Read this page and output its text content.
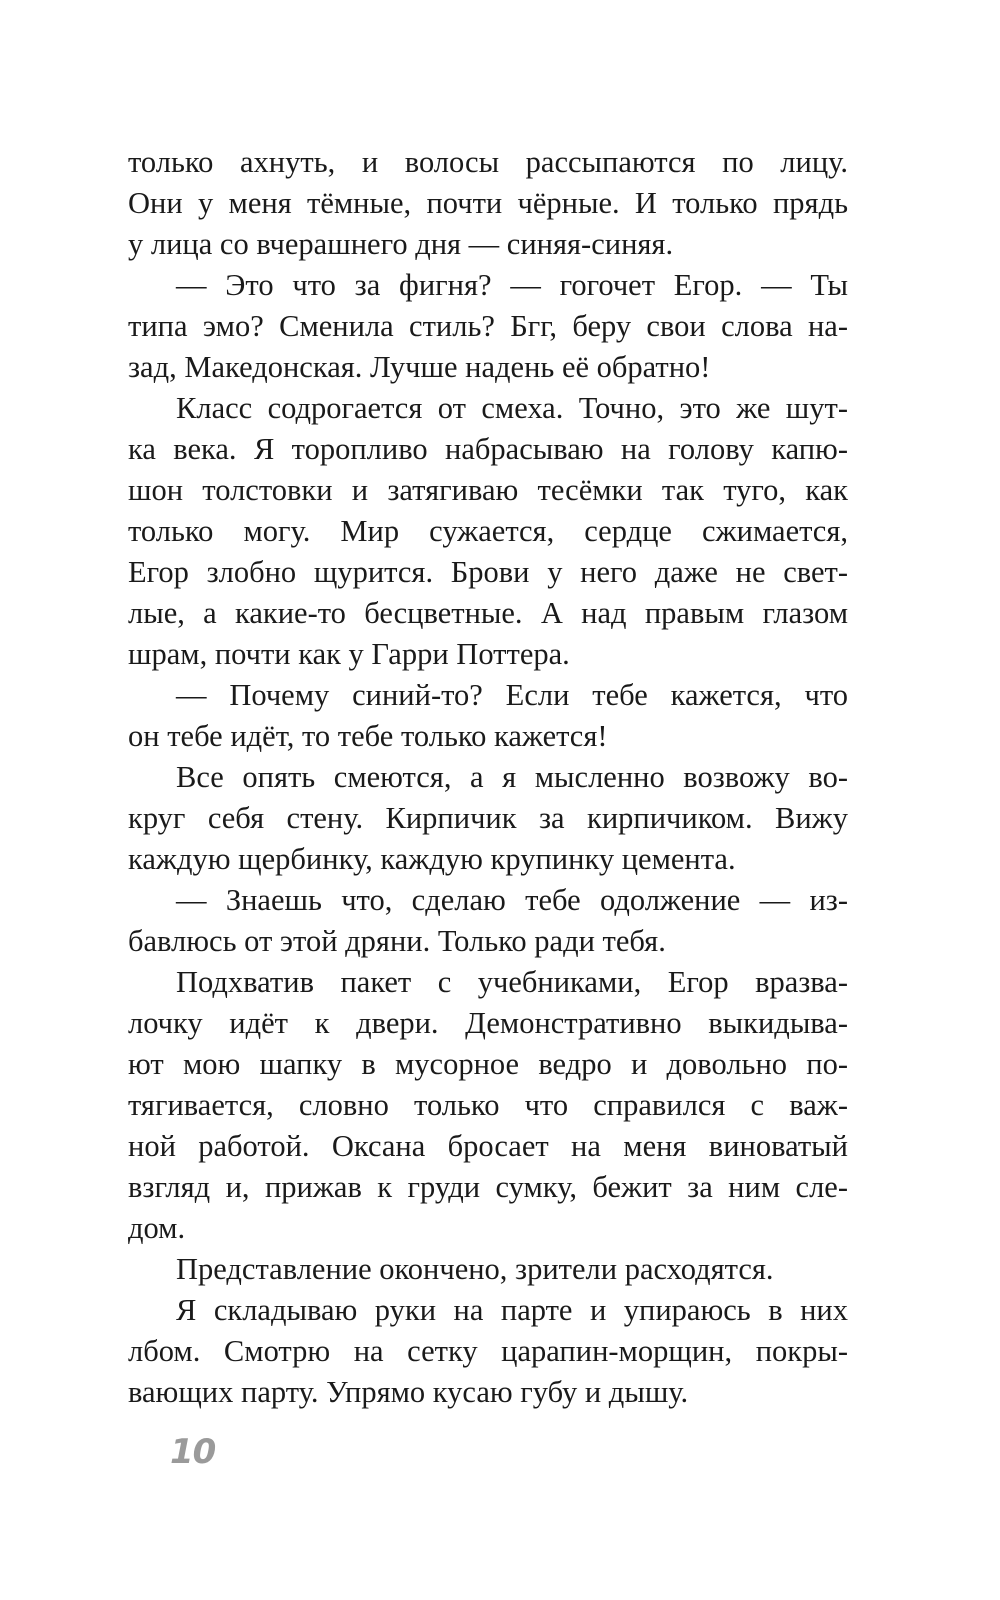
только ахнуть, и волосы рассыпаются по лицу.
Они у меня тёмные, почти чёрные. И только прядь
у лица со вчерашнего дня — синяя-синяя.
— Это что за фигня? — гогочет Егор. — Ты
типа эмо? Сменила стиль? Бгг, беру свои слова на-
зад, Македонская. Лучше надень её обратно!
Класс содрогается от смеха. Точно, это же шут-
ка века. Я торопливо набрасываю на голову капю-
шон толстовки и затягиваю тесёмки так туго, как
только могу. Мир сужается, сердце сжимается,
Егор злобно щурится. Брови у него даже не свет-
лые, а какие-то бесцветные. А над правым глазом
шрам, почти как у Гарри Поттера.
— Почему синий-то? Если тебе кажется, что
он тебе идёт, то тебе только кажется!
Все опять смеются, а я мысленно возвожу во-
круг себя стену. Кирпичик за кирпичиком. Вижу
каждую щербинку, каждую крупинку цемента.
— Знаешь что, сделаю тебе одолжение — из-
бавлюсь от этой дряни. Только ради тебя.
Подхватив пакет с учебниками, Егор вразва-
лочку идёт к двери. Демонстративно выкидыва-
ют мою шапку в мусорное ведро и довольно по-
тягивается, словно только что справился с важ-
ной работой. Оксана бросает на меня виноватый
взгляд и, прижав к груди сумку, бежит за ним сле-
дом.
Представление окончено, зрители расходятся.
Я складываю руки на парте и упираюсь в них
лбом. Смотрю на сетку царапин-морщин, покры-
вающих парту. Упрямо кусаю губу и дышу.
10
